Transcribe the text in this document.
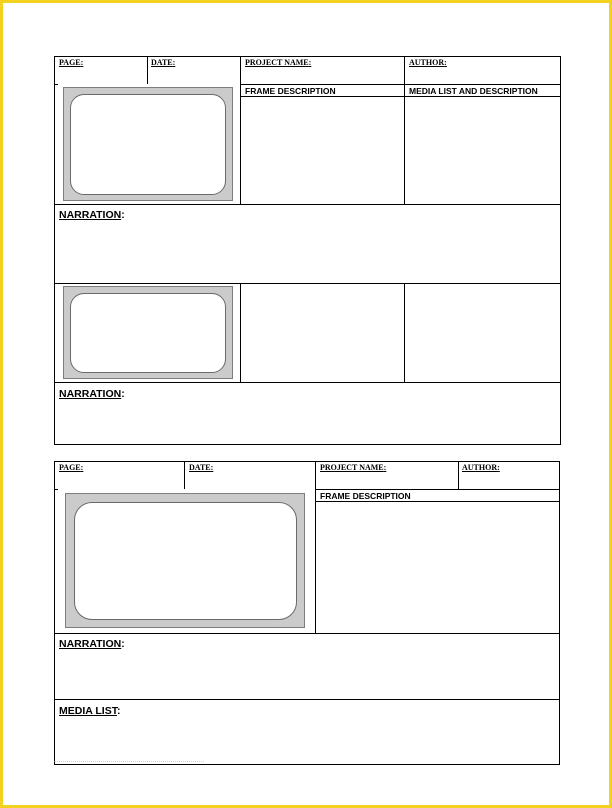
PAGE:	DATE:	PROJECT NAME:	AUTHOR:
FRAME DESCRIPTION	MEDIA LIST AND DESCRIPTION
NARRATION:
NARRATION:
PAGE:	DATE:	PROJECT NAME:	AUTHOR:
FRAME DESCRIPTION
NARRATION:
MEDIA LIST:
